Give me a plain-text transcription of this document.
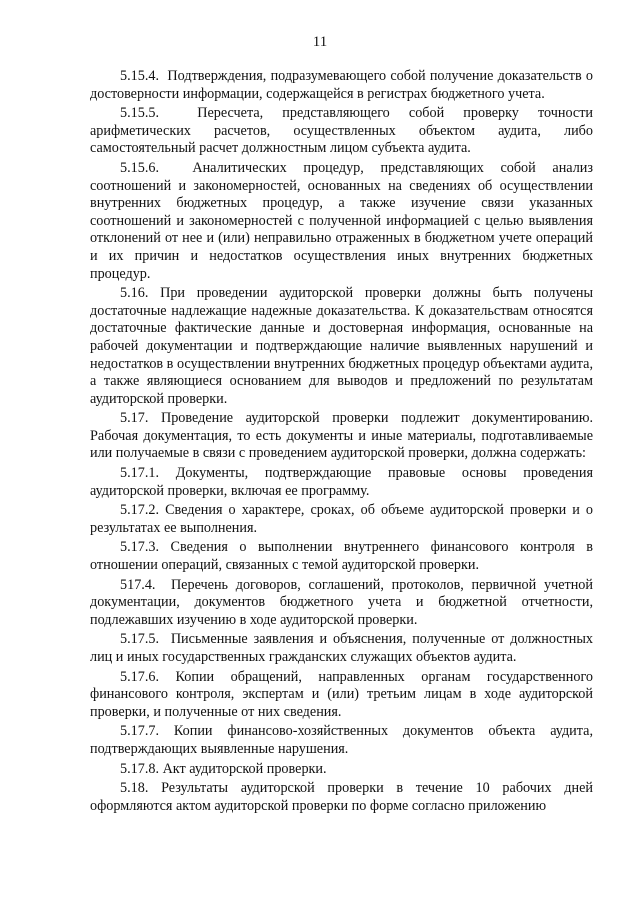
11

5.15.4.  Подтверждения, подразумевающего собой получение доказательств о достоверности информации, содержащейся в регистрах бюджетного учета.

5.15.5.  Пересчета, представляющего собой проверку точности арифметических расчетов, осуществленных объектом аудита, либо самостоятельный расчет должностным лицом субъекта аудита.

5.15.6.  Аналитических процедур, представляющих собой анализ соотношений и закономерностей, основанных на сведениях об осуществлении внутренних бюджетных процедур, а также изучение связи указанных соотношений и закономерностей с полученной информацией с целью выявления отклонений от нее и (или) неправильно отраженных в бюджетном учете операций и их причин и недостатков осуществления иных внутренних бюджетных процедур.

5.16. При проведении аудиторской проверки должны быть получены достаточные надлежащие надежные доказательства. К доказательствам относятся достаточные фактические данные и достоверная информация, основанные на рабочей документации и подтверждающие наличие выявленных нарушений и недостатков в осуществлении внутренних бюджетных процедур объектами аудита, а также являющиеся основанием для выводов и предложений по результатам аудиторской проверки.

5.17. Проведение аудиторской проверки подлежит документированию. Рабочая документация, то есть документы и иные материалы, подготавливаемые или получаемые в связи с проведением аудиторской проверки, должна содержать:

5.17.1. Документы, подтверждающие правовые основы проведения аудиторской проверки, включая ее программу.

5.17.2. Сведения о характере, сроках, об объеме аудиторской проверки и о результатах ее выполнения.

5.17.3. Сведения о выполнении внутреннего финансового контроля в отношении операций, связанных с темой аудиторской проверки.

517.4.  Перечень договоров, соглашений, протоколов, первичной учетной документации, документов бюджетного учета и бюджетной отчетности, подлежавших изучению в ходе аудиторской проверки.

5.17.5.  Письменные заявления и объяснения, полученные от должностных лиц и иных государственных гражданских служащих объектов аудита.

5.17.6. Копии обращений, направленных органам государственного финансового контроля, экспертам и (или) третьим лицам в ходе аудиторской проверки, и полученные от них сведения.

5.17.7. Копии финансово-хозяйственных документов объекта аудита, подтверждающих выявленные нарушения.

5.17.8. Акт аудиторской проверки.

5.18. Результаты аудиторской проверки в течение 10 рабочих дней оформляются актом аудиторской проверки по форме согласно приложению
